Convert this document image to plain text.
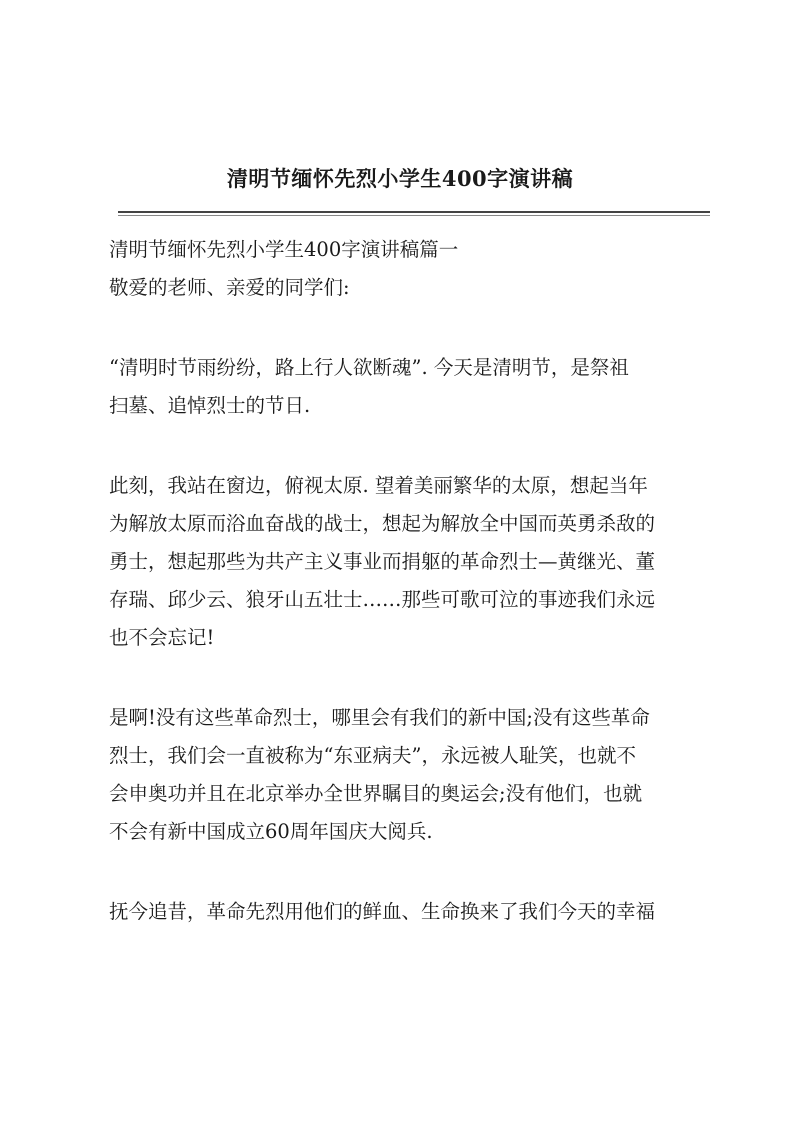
清明节缅怀先烈小学生400字演讲稿

清明节缅怀先烈小学生400字演讲稿篇一

敬爱的老师、亲爱的同学们:

“清明时节雨纷纷，路上行人欲断魂”. 今天是清明节，是祭祖

扫墓、追悼烈士的节日.

此刻，我站在窗边，俯视太原. 望着美丽繁华的太原，想起当年

为解放太原而浴血奋战的战士，想起为解放全中国而英勇杀敌的

勇士，想起那些为共产主义事业而捐躯的革命烈士—黄继光、董

存瑞、邱少云、狼牙山五壮士……那些可歌可泣的事迹我们永远

也不会忘记!

是啊!没有这些革命烈士，哪里会有我们的新中国;没有这些革命

烈士，我们会一直被称为“东亚病夫”，永远被人耻笑，也就不

会申奥功并且在北京举办全世界瞩目的奥运会;没有他们，也就

不会有新中国成立60周年国庆大阅兵.

抚今追昔，革命先烈用他们的鲜血、生命换来了我们今天的幸福
